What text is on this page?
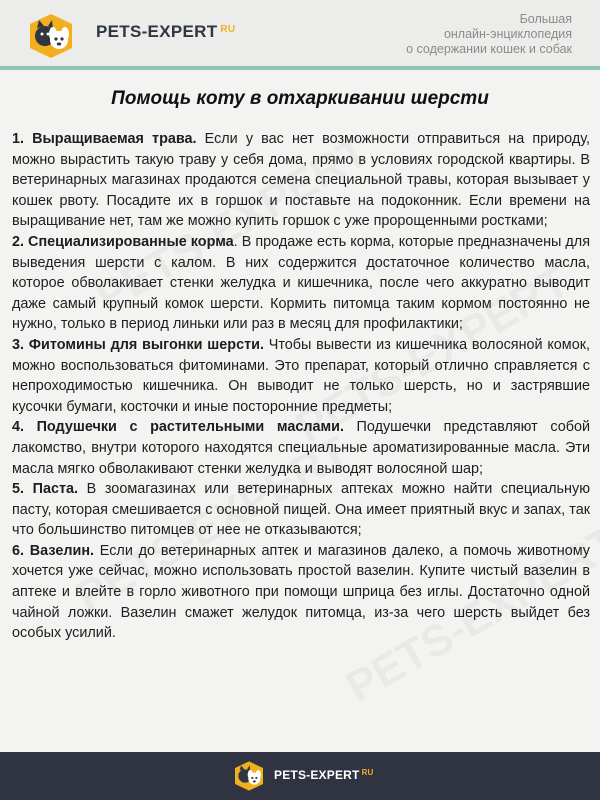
PETS-EXPERT $^{RU}$
Большая
онлайн-энциклопедия
о содержании кошек и собак
Помощь коту в отхаркивании шерсти

1. Выращиваемая трава. Если у вас нет возможности отправиться на природу, можно вырастить такую траву у себя дома, прямо в условиях городской квартиры. В ветеринарных магазинах продаются семена специальной травы, которая вызывает у кошек рвоту. Посадите их в горшок и поставьте на подоконник. Если времени на выращивание нет, там же можно купить горшок с уже пророщенными ростками;

2. Специализированные корма. В продаже есть корма, которые предназначены для выведения шерсти с калом. В них содержится достаточное количество масла, которое обволакивает стенки желудка и кишечника, после чего аккуратно выводит даже самый крупный комок шерсти. Кормить питомца таким кормом постоянно не нужно, только в период линьки или раз в месяц для профилактики;

3. Фитомины для выгонки шерсти. Чтобы вывести из кишечника волосяной комок, можно воспользоваться фитоминами. Это препарат, который отлично справляется с непроходимостью кишечника. Он выводит не только шерсть, но и застрявшие кусочки бумаги, косточки и иные посторонние предметы;

4. Подушечки с растительными маслами. Подушечки представляют собой лакомство, внутри которого находятся специальные ароматизированные масла. Эти масла мягко обволакивают стенки желудка и выводят волосяной шар;

5. Паста. В зоомагазинах или ветеринарных аптеках можно найти специальную пасту, которая смешивается с основной пищей. Она имеет приятный вкус и запах, так что большинство питомцев от нее не отказываются;

6. Вазелин. Если до ветеринарных аптек и магазинов далеко, а помочь животному хочется уже сейчас, можно использовать простой вазелин. Купите чистый вазелин в аптеке и влейте в горло животного при помощи шприца без иглы. Достаточно одной чайной ложки. Вазелин смажет желудок питомца, из-за чего шерсть выйдет без особых усилий.

PETS-EXPERT $^{RU}$
